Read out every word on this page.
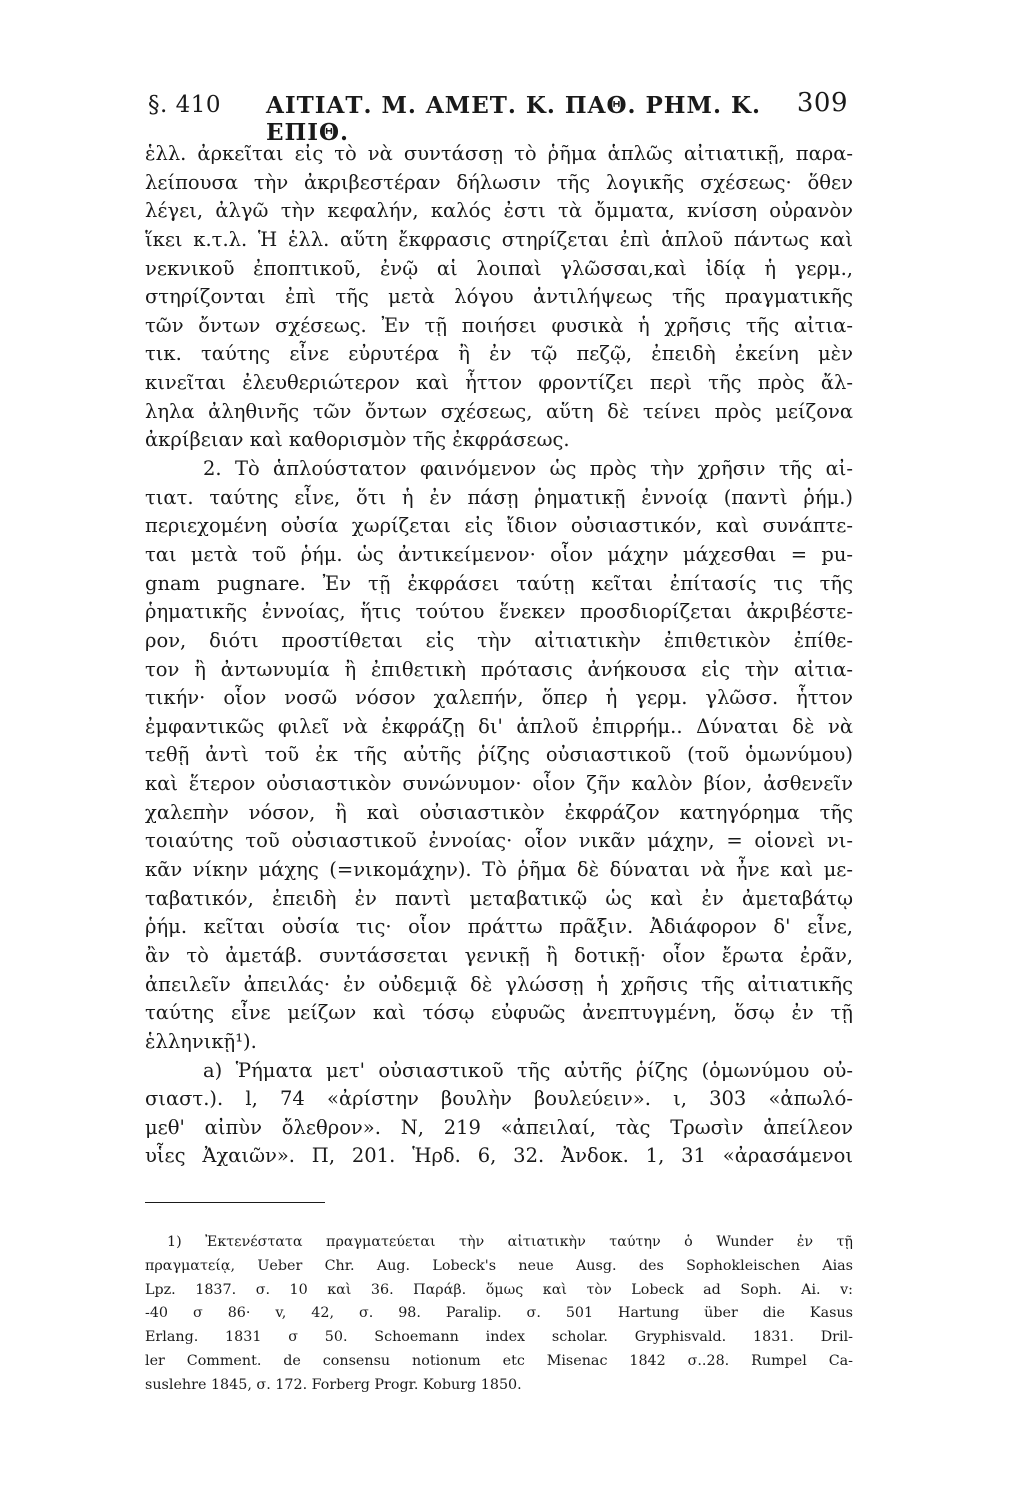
§. 410 ΑΙΤΙΑΤ. Μ. ΑΜΕΤ. Κ. ΠΑΘ. ΡΗΜ. Κ. ΕΠΙΘ.
309
ἑλλ. ἀρκεῖται εἰς τὸ νὰ συντάσσῃ τὸ ῥῆμα ἁπλῶς αἰτιατικῇ, παρα-
λείπουσα τὴν ἀκριβεστέραν δήλωσιν τῆς λογικῆς σχέσεως· ὅθεν
λέγει, ἀλγῶ τὴν κεφαλήν, καλός ἐστι τὰ ὄμματα, κνίσση οὐρανὸν
ἵκει κ.τ.λ. Ἡ ἑλλ. αὕτη ἔκφρασις στηρίζεται ἐπὶ ἁπλοῦ πάντως καὶ
νεκνικοῦ ἐποπτικοῦ, ἐνῷ αἱ λοιπαὶ γλῶσσαι,καὶ ἰδίᾳ ἡ γερμ.,
στηρίζονται ἐπὶ τῆς μετὰ λόγου ἀντιλήψεως τῆς πραγματικῆς
τῶν ὄντων σχέσεως. Ἐν τῇ ποιήσει φυσικὰ ἡ χρῆσις τῆς αἰτια-
τικ. ταύτης εἶνε εὐρυτέρα ἢ ἐν τῷ πεζῷ, ἐπειδὴ ἐκείνη μὲν
κινεῖται ἐλευθεριώτερον καὶ ἧττον φροντίζει περὶ τῆς πρὸς ἄλ-
ληλα ἀληθινῆς τῶν ὄντων σχέσεως, αὕτη δὲ τείνει πρὸς μείζονα
ἀκρίβειαν καὶ καθορισμὸν τῆς ἐκφράσεως.
2. Τὸ ἁπλούστατον φαινόμενον ὡς πρὸς τὴν χρῆσιν τῆς αἰ-
τιατ. ταύτης εἶνε, ὅτι ἡ ἐν πάσῃ ῥηματικῇ ἐννοίᾳ (παντὶ ῥήμ.)
περιεχομένη οὐσία χωρίζεται εἰς ἴδιον οὐσιαστικόν, καὶ συνάπτε-
ται μετὰ τοῦ ῥήμ. ὡς ἀντικείμενον· οἷον μάχην μάχεσθαι = pu-
gnam pugnare. Ἐν τῇ ἐκφράσει ταύτῃ κεῖται ἐπίτασίς τις τῆς
ῥηματικῆς ἐννοίας, ἥτις τούτου ἕνεκεν προσδιορίζεται ἀκριβέστε-
ρον, διότι προστίθεται εἰς τὴν αἰτιατικὴν ἐπιθετικὸν ἐπίθε-
τον ἢ ἀντωνυμία ἢ ἐπιθετικὴ πρότασις ἀνήκουσα εἰς τὴν αἰτια-
τικήν· οἷον νοσῶ νόσον χαλεπήν, ὅπερ ἡ γερμ. γλῶσσ. ἧττον
ἐμφαντικῶς φιλεῖ νὰ ἐκφράζῃ δι' ἁπλοῦ ἐπιρρήμ.. Δύναται δὲ νὰ
τεθῇ ἀντὶ τοῦ ἐκ τῆς αὐτῆς ῥίζης οὐσιαστικοῦ (τοῦ ὁμωνύμου)
καὶ ἕτερον οὐσιαστικὸν συνώνυμον· οἷον ζῆν καλὸν βίον, ἀσθενεῖν
χαλεπὴν νόσον, ἢ καὶ οὐσιαστικὸν ἐκφράζον κατηγόρημα τῆς
τοιαύτης τοῦ οὐσιαστικοῦ ἐννοίας· οἷον νικᾶν μάχην, = οἱονεὶ νι-
κᾶν νίκην μάχης (=νικομάχην). Τὸ ῥῆμα δὲ δύναται νὰ ἦνε καὶ με-
ταβατικόν, ἐπειδὴ ἐν παντὶ μεταβατικῷ ὡς καὶ ἐν ἀμεταβάτῳ
ῥήμ. κεῖται οὐσία τις· οἷον πράττω πρᾶξιν. Ἀδιάφορον δ' εἶνε,
ἂν τὸ ἀμετάβ. συντάσσεται γενικῇ ἢ δοτικῇ· οἷον ἔρωτα ἐρᾶν,
ἀπειλεῖν ἀπειλάς· ἐν οὐδεμιᾷ δὲ γλώσσῃ ἡ χρῆσις τῆς αἰτιατικῆς
ταύτης εἶνε μείζων καὶ τόσῳ εὐφυῶς ἀνεπτυγμένη, ὅσῳ ἐν τῇ
ἑλληνικῇ¹).
a) Ῥήματα μετ' οὐσιαστικοῦ τῆς αὐτῆς ῥίζης (ὁμωνύμου οὐ-
σιαστ.). l, 74 «ἀρίστην βουλὴν βουλεύειν». ι, 303 «ἀπωλό-
μεθ' αἰπὺν ὄλεθρον». Ν, 219 «ἀπειλαί, τὰς Τρωσὶν ἀπείλεον
υἷες Ἀχαιῶν». Π, 201. Ἡρδ. 6, 32. Ἀνδοκ. 1, 31 «ἀρασάμενοι
1) Ἐκτενέστατα πραγματεύεται τὴν αἰτιατικὴν ταύτην ὁ Wunder ἐν τῇ
πραγματείᾳ, Ueber Chr. Aug. Lobeck's neue Ausg. des Sophokleischen Aias
Lpz. 1837. σ. 10 καὶ 36. Παράβ. ὅμως καὶ τὸν Lobeck ad Soph. Ai. v:
-40 σ 86· v, 42, σ. 98. Paralip. σ. 501 Hartung über die Kasus
Erlang. 1831 σ 50. Schoemann index scholar. Gryphisvald. 1831. Dril-
ler Comment. de consensu notionum etc Misenac 1842 σ..28. Rumpel Ca-
suslehre 1845, σ. 172. Forberg Progr. Koburg 1850.
